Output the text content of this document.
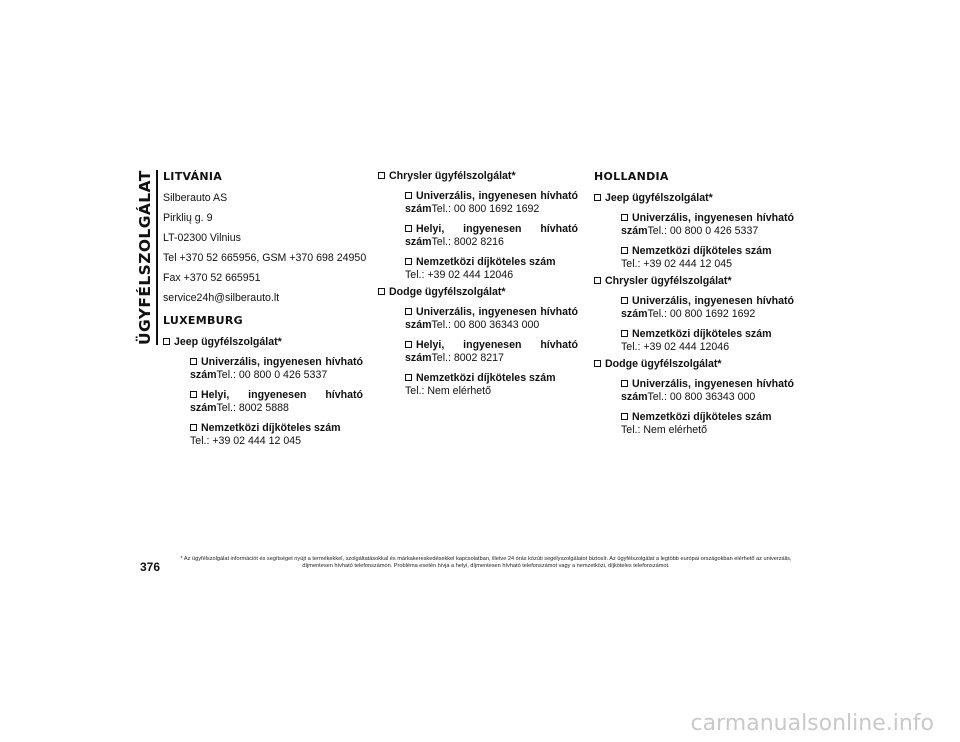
ÜGYFÉLSZOLGÁLAT LITVÁNIA
Silberauto AS
Pirklių g. 9
LT-02300 Vilnius
Tel +370 52 665956, GSM +370 698 24950
Fax +370 52 665951
service24h@silberauto.lt
LUXEMBURG
Jeep ügyfélszolgálat*
Univerzális, ingyenesen hívható
számTel.: 00 800 0 426 5337
Helyi, ingyenesen hívható
számTel.: 8002 5888
Nemzetközi díjköteles szám
Tel.: +39 02 444 12 045
Chrysler ügyfélszolgálat*
Univerzális, ingyenesen hívható
számTel.: 00 800 1692 1692
Helyi, ingyenesen hívható
számTel.: 8002 8216
Nemzetközi díjköteles szám
Tel.: +39 02 444 12046
Dodge ügyfélszolgálat*
Univerzális, ingyenesen hívható
számTel.: 00 800 36343 000
Helyi, ingyenesen hívható
számTel.: 8002 8217
Nemzetközi díjköteles szám
Tel.: Nem elérhető
HOLLANDIA
Jeep ügyfélszolgálat*
Univerzális, ingyenesen hívható
számTel.: 00 800 0 426 5337
Nemzetközi díjköteles szám
Tel.: +39 02 444 12 045
Chrysler ügyfélszolgálat*
Univerzális, ingyenesen hívható
számTel.: 00 800 1692 1692
Nemzetközi díjköteles szám
Tel.: +39 02 444 12046
Dodge ügyfélszolgálat*
Univerzális, ingyenesen hívható
számTel.: 00 800 36343 000
Nemzetközi díjköteles szám
Tel.: Nem elérhető
376
* Az ügyfélszolgálat információt és segítséget nyújt a termékekkel, szolgáltatásokkal és márkakereskedésekkel kapcsolatban, illetve 24 órás közúti segélyszolgálatot biztosít. Az ügyfélszolgálat a legtöbb európai országokban elérhető az univerzális, díjmentesen hívható telefonszámon. Probléma esetén hívja a helyi, díjmentesen hívható telefonszámot vagy a nemzetközi, díjköteles telefonszámot.
carmanualsonline.info
